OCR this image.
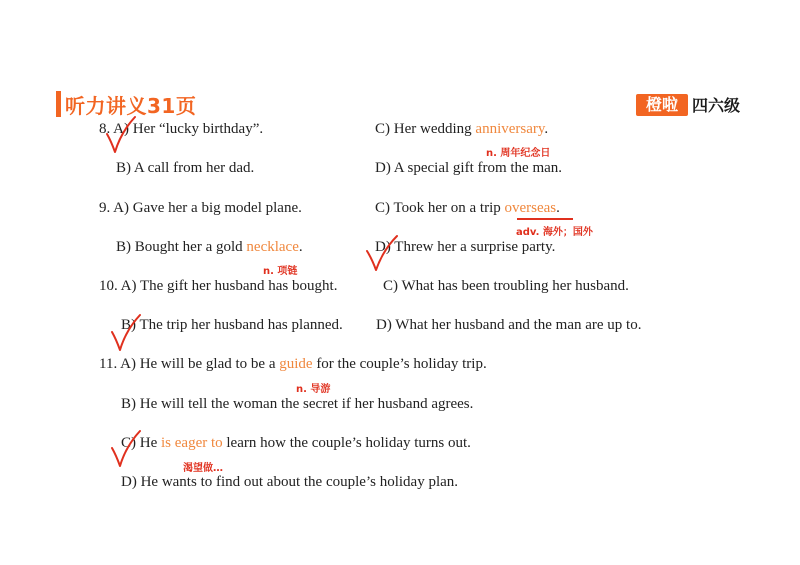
听力讲义31页	橙啦 四六级
8. A) Her “lucky birthday”.	C) Her wedding anniversary.
n. 周年纪念日
B) A call from her dad.	D) A special gift from the man.
9. A) Gave her a big model plane.	C) Took her on a trip overseas.
adv. 海外；国外
B) Bought her a gold necklace.	D) Threw her a surprise party.
n. 项链
10. A) The gift her husband has bought.	C) What has been troubling her husband.
B) The trip her husband has planned. D) What her husband and the man are up to.
11. A) He will be glad to be a guide for the couple’s holiday trip.
n. 导游
B) He will tell the woman the secret if her husband agrees.
C) He is eager to learn how the couple’s holiday turns out.
渴望做…
D) He wants to find out about the couple’s holiday plan.
